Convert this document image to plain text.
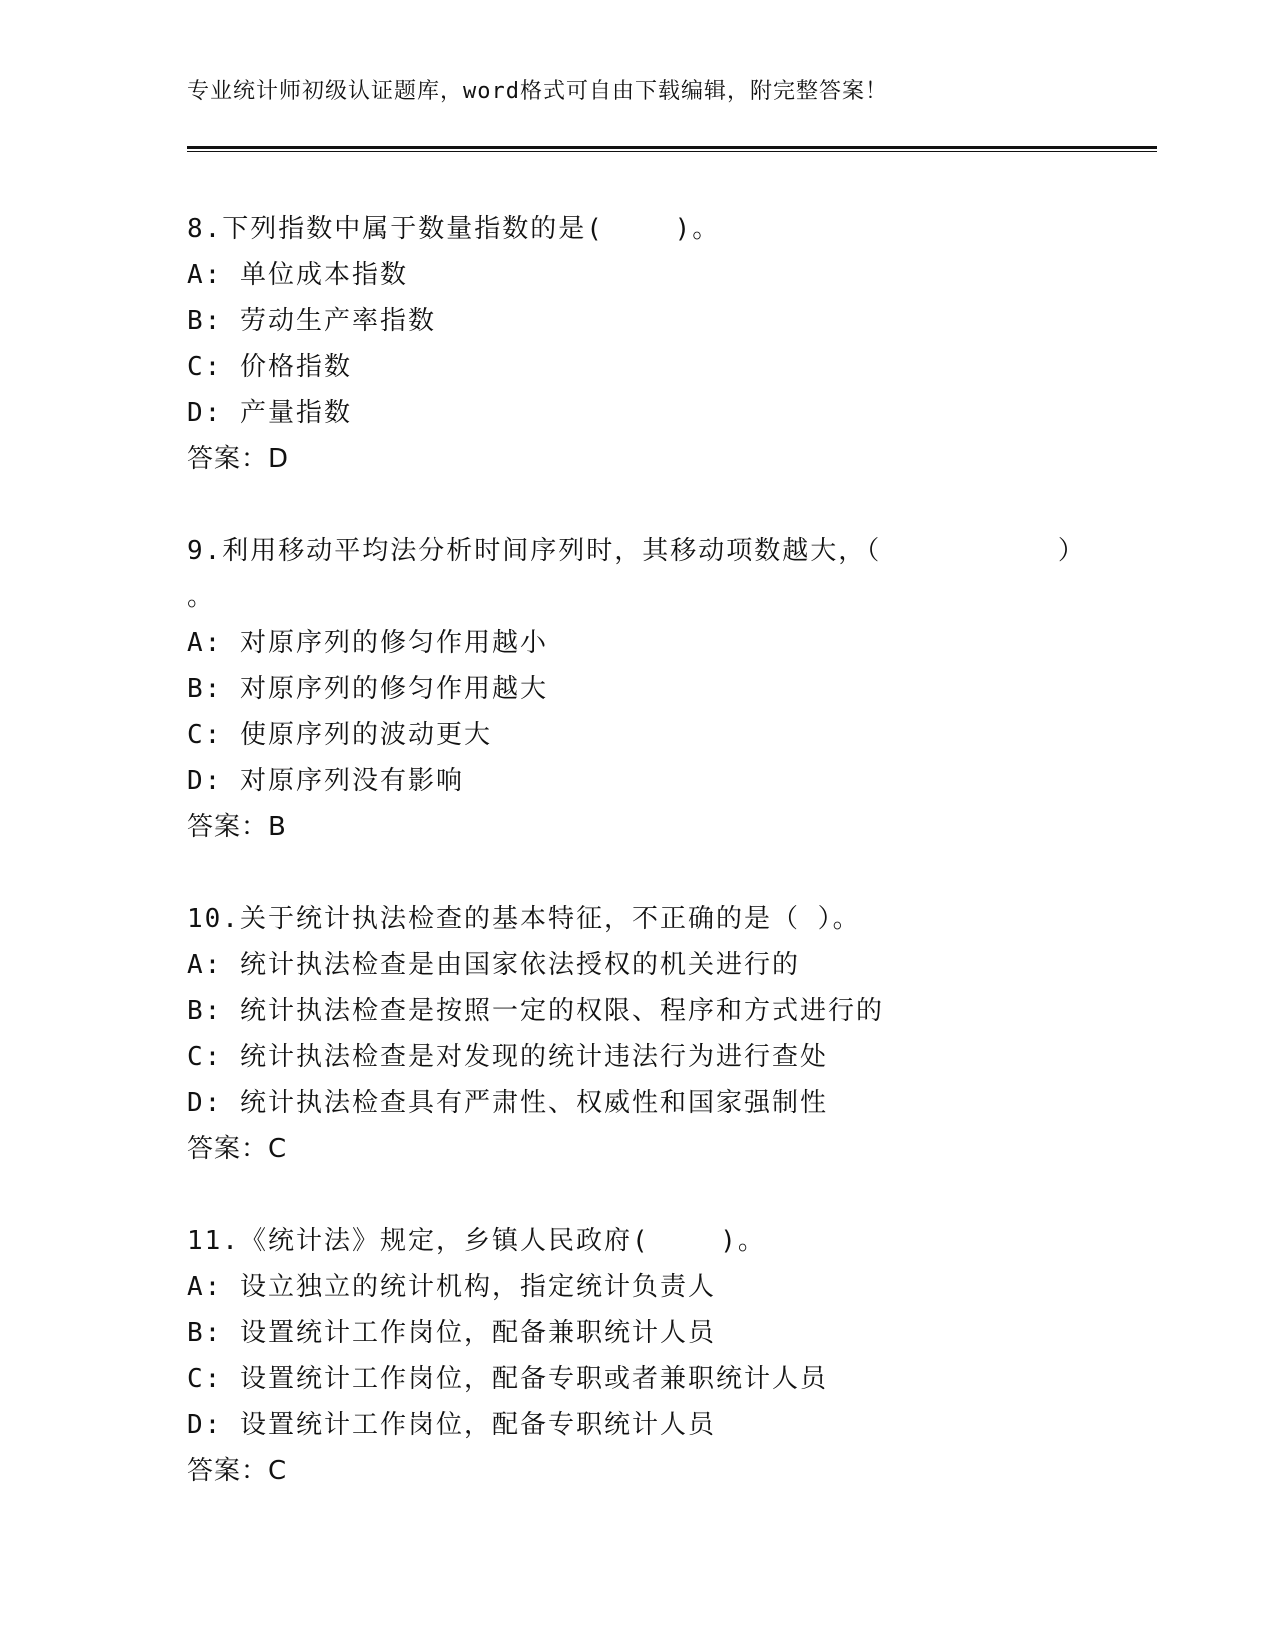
专业统计师初级认证题库，word格式可自由下载编辑，附完整答案！
8.下列指数中属于数量指数的是(    )。
A: 单位成本指数
B: 劳动生产率指数
C: 价格指数
D: 产量指数
答案：D
9.利用移动平均法分析时间序列时，其移动项数越大，（          ）
。
A: 对原序列的修匀作用越小
B: 对原序列的修匀作用越大
C: 使原序列的波动更大
D: 对原序列没有影响
答案：B
10.关于统计执法检查的基本特征，不正确的是（ ）。
A: 统计执法检查是由国家依法授权的机关进行的
B: 统计执法检查是按照一定的权限、程序和方式进行的
C: 统计执法检查是对发现的统计违法行为进行查处
D: 统计执法检查具有严肃性、权威性和国家强制性
答案：C
11.《统计法》规定，乡镇人民政府(    )。
A: 设立独立的统计机构，指定统计负责人
B: 设置统计工作岗位，配备兼职统计人员
C: 设置统计工作岗位，配备专职或者兼职统计人员
D: 设置统计工作岗位，配备专职统计人员
答案：C
